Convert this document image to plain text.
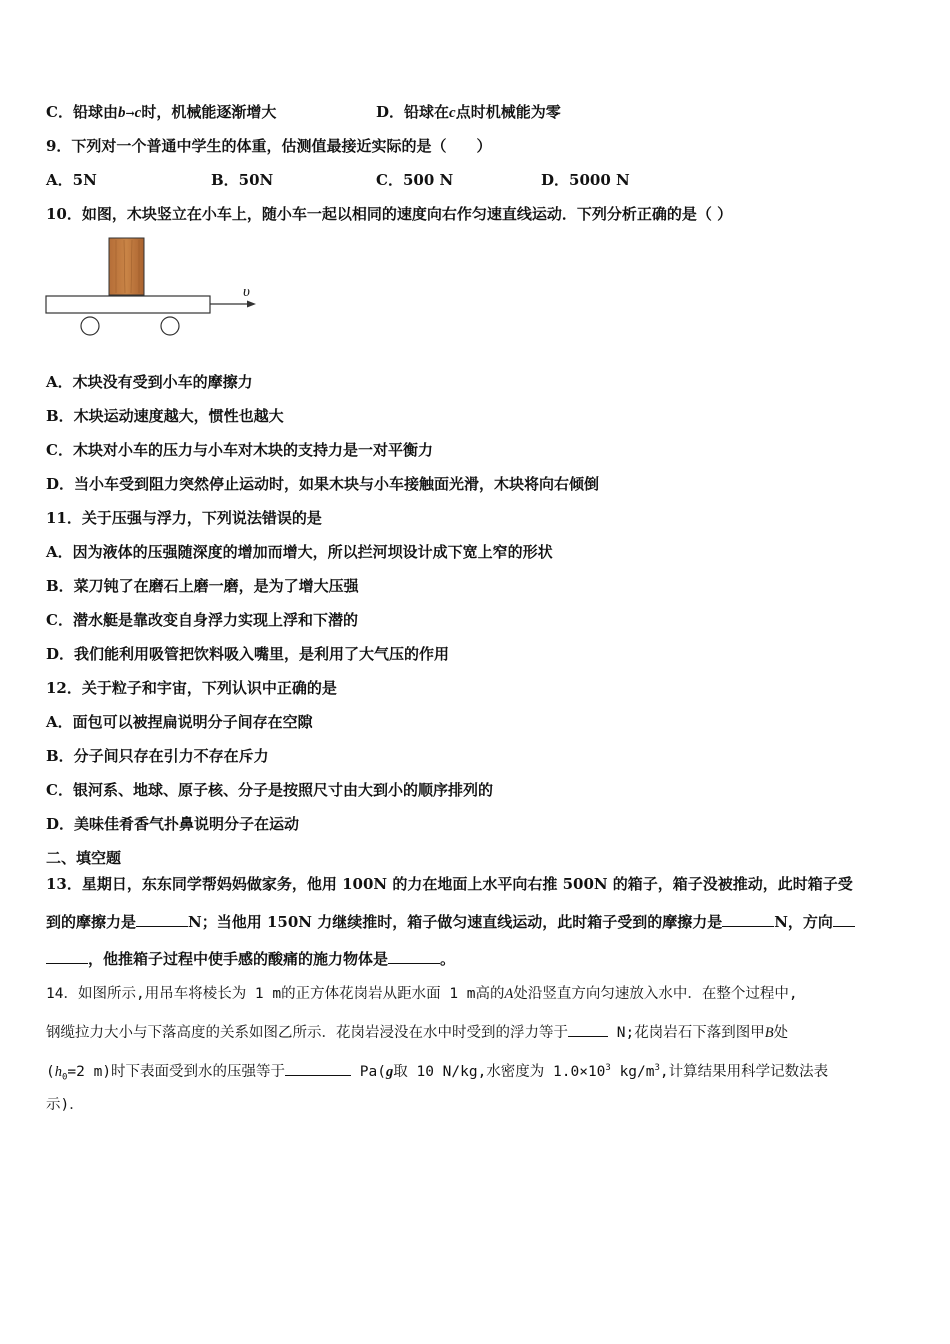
C．铅球由b→c时，机械能逐渐增大	D．铅球在c点时机械能为零
9．下列对一个普通中学生的体重，估测值最接近实际的是（　　）
A．5N	B．50N	C．500 N	D．5000 N
10．如图，木块竖立在小车上，随小车一起以相同的速度向右作匀速直线运动．下列分析正确的是（ ）
υ
A．木块没有受到小车的摩擦力
B．木块运动速度越大，惯性也越大
C．木块对小车的压力与小车对木块的支持力是一对平衡力
D．当小车受到阻力突然停止运动时，如果木块与小车接触面光滑，木块将向右倾倒
11．关于压强与浮力，下列说法错误的是
A．因为液体的压强随深度的增加而增大，所以拦河坝设计成下宽上窄的形状
B．菜刀钝了在磨石上磨一磨，是为了增大压强
C．潜水艇是靠改变自身浮力实现上浮和下潜的
D．我们能利用吸管把饮料吸入嘴里，是利用了大气压的作用
12．关于粒子和宇宙，下列认识中正确的是
A．面包可以被捏扁说明分子间存在空隙
B．分子间只存在引力不存在斥力
C．银河系、地球、原子核、分子是按照尺寸由大到小的顺序排列的
D．美味佳肴香气扑鼻说明分子在运动
二、填空题
13．星期日，东东同学帮妈妈做家务，他用 100N 的力在地面上水平向右推 500N 的箱子，箱子没被推动，此时箱子受
到的摩擦力是	N；当他用 150N 力继续推时，箱子做匀速直线运动，此时箱子受到的摩擦力是	N，方向
，他推箱子过程中使手感的酸痛的施力物体是	。
14．如图所示,用吊车将棱长为 1 m的正方体花岗岩从距水面 1 m高的A处沿竖直方向匀速放入水中．在整个过程中,
钢缆拉力大小与下落高度的关系如图乙所示．花岗岩浸没在水中时受到的浮力等于	N;花岗岩石下落到图甲B处
($h_0=2$ m)时下表面受到水的压强等于	Pa(g取 10 N/kg,水密度为 $1.0\times 10^3$ $kg/m^3$,计算结果用科学记数法表
示)．
